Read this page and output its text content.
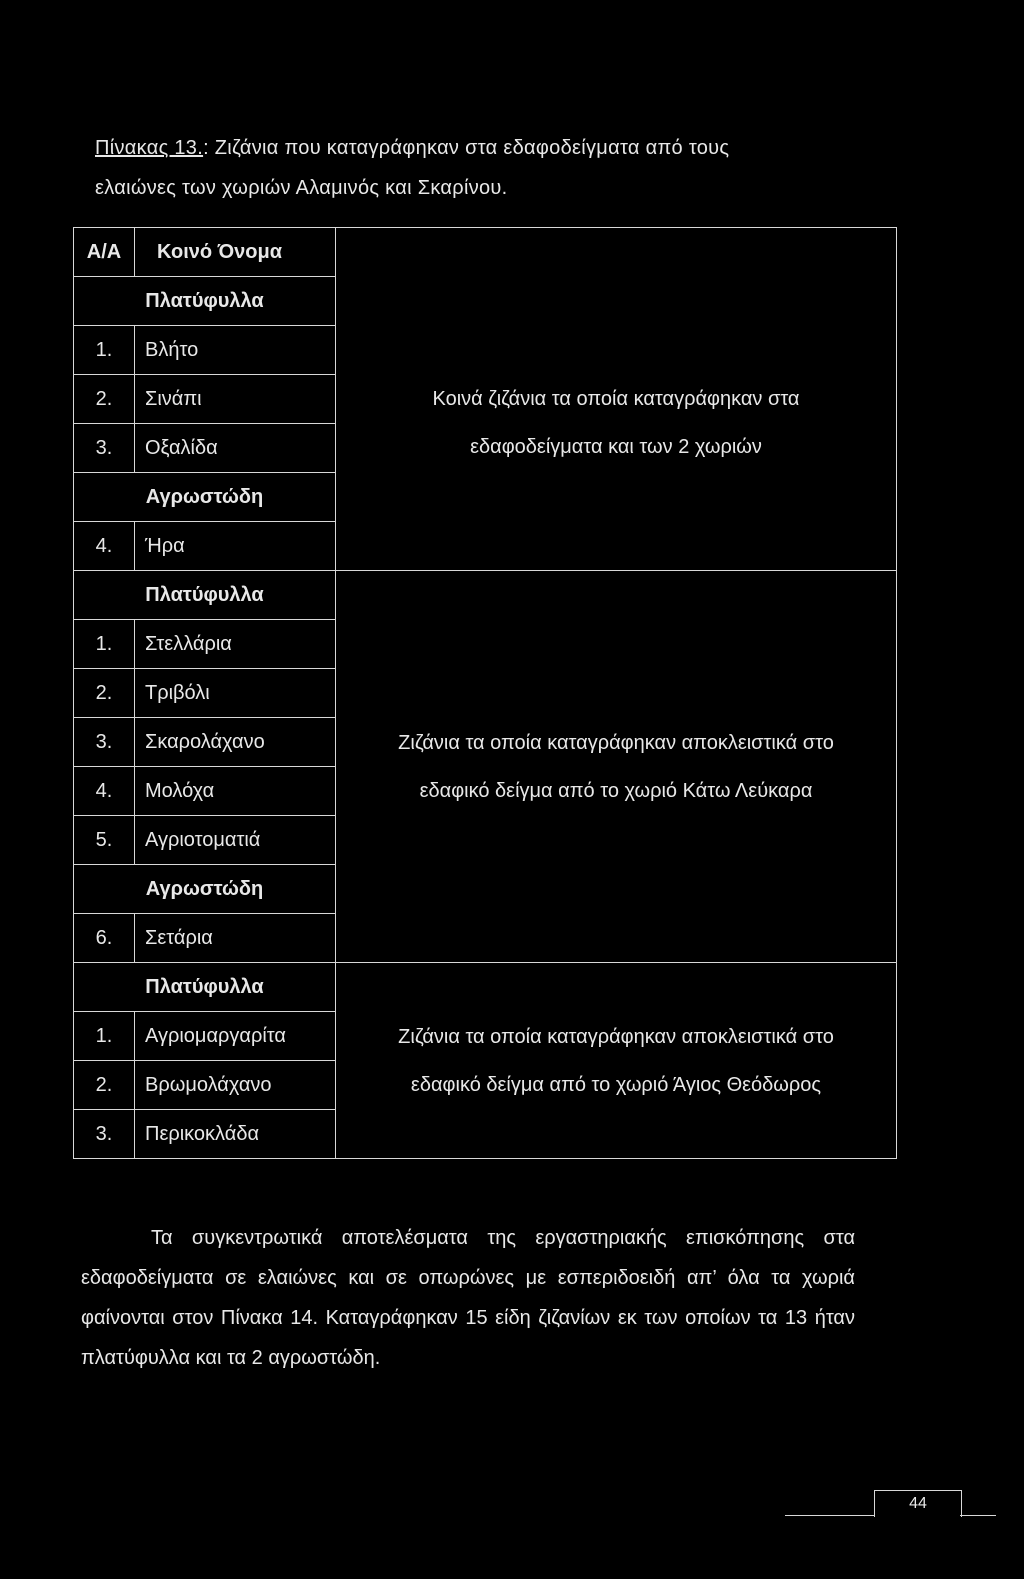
Πίνακας 13.: Ζιζάνια που καταγράφηκαν στα εδαφοδείγματα από τους
ελαιώνες των χωριών Αλαμινός και Σκαρίνου.
Α/Α	Κοινό Όνομα	
Πλατύφυλλα		Κοινά ζιζάνια τα οποία καταγράφηκαν στα
εδαφοδείγματα και των 2 χωριών

1.	Βλήτο	
2.	Σινάπι	
3.	Οξαλίδα	
Αγρωστώδη		
4.	Ήρα	
Πλατύφυλλα		Ζιζάνια τα οποία καταγράφηκαν αποκλειστικά στο
εδαφικό δείγμα από το χωριό Κάτω Λεύκαρα

1.	Στελλάρια	
2.	Τριβόλι	
3.	Σκαρολάχανο	
4.	Μολόχα	
5.	Αγριοτοματιά	
Αγρωστώδη		
6.	Σετάρια	
Πλατύφυλλα		Ζιζάνια τα οποία καταγράφηκαν αποκλειστικά στο
εδαφικό δείγμα από το χωριό Άγιος Θεόδωρος

1.	Αγριομαργαρίτα	
2.	Βρωμολάχανο	
3.	Περικοκλάδα	
Τα συγκεντρωτικά αποτελέσματα της εργαστηριακής επισκόπησης στα εδαφοδείγματα σε ελαιώνες και σε οπωρώνες με εσπεριδοειδή απ’ όλα τα χωριά φαίνονται στον Πίνακα 14. Καταγράφηκαν 15 είδη ζιζανίων εκ των οποίων τα 13 ήταν πλατύφυλλα και τα 2 αγρωστώδη.
44
